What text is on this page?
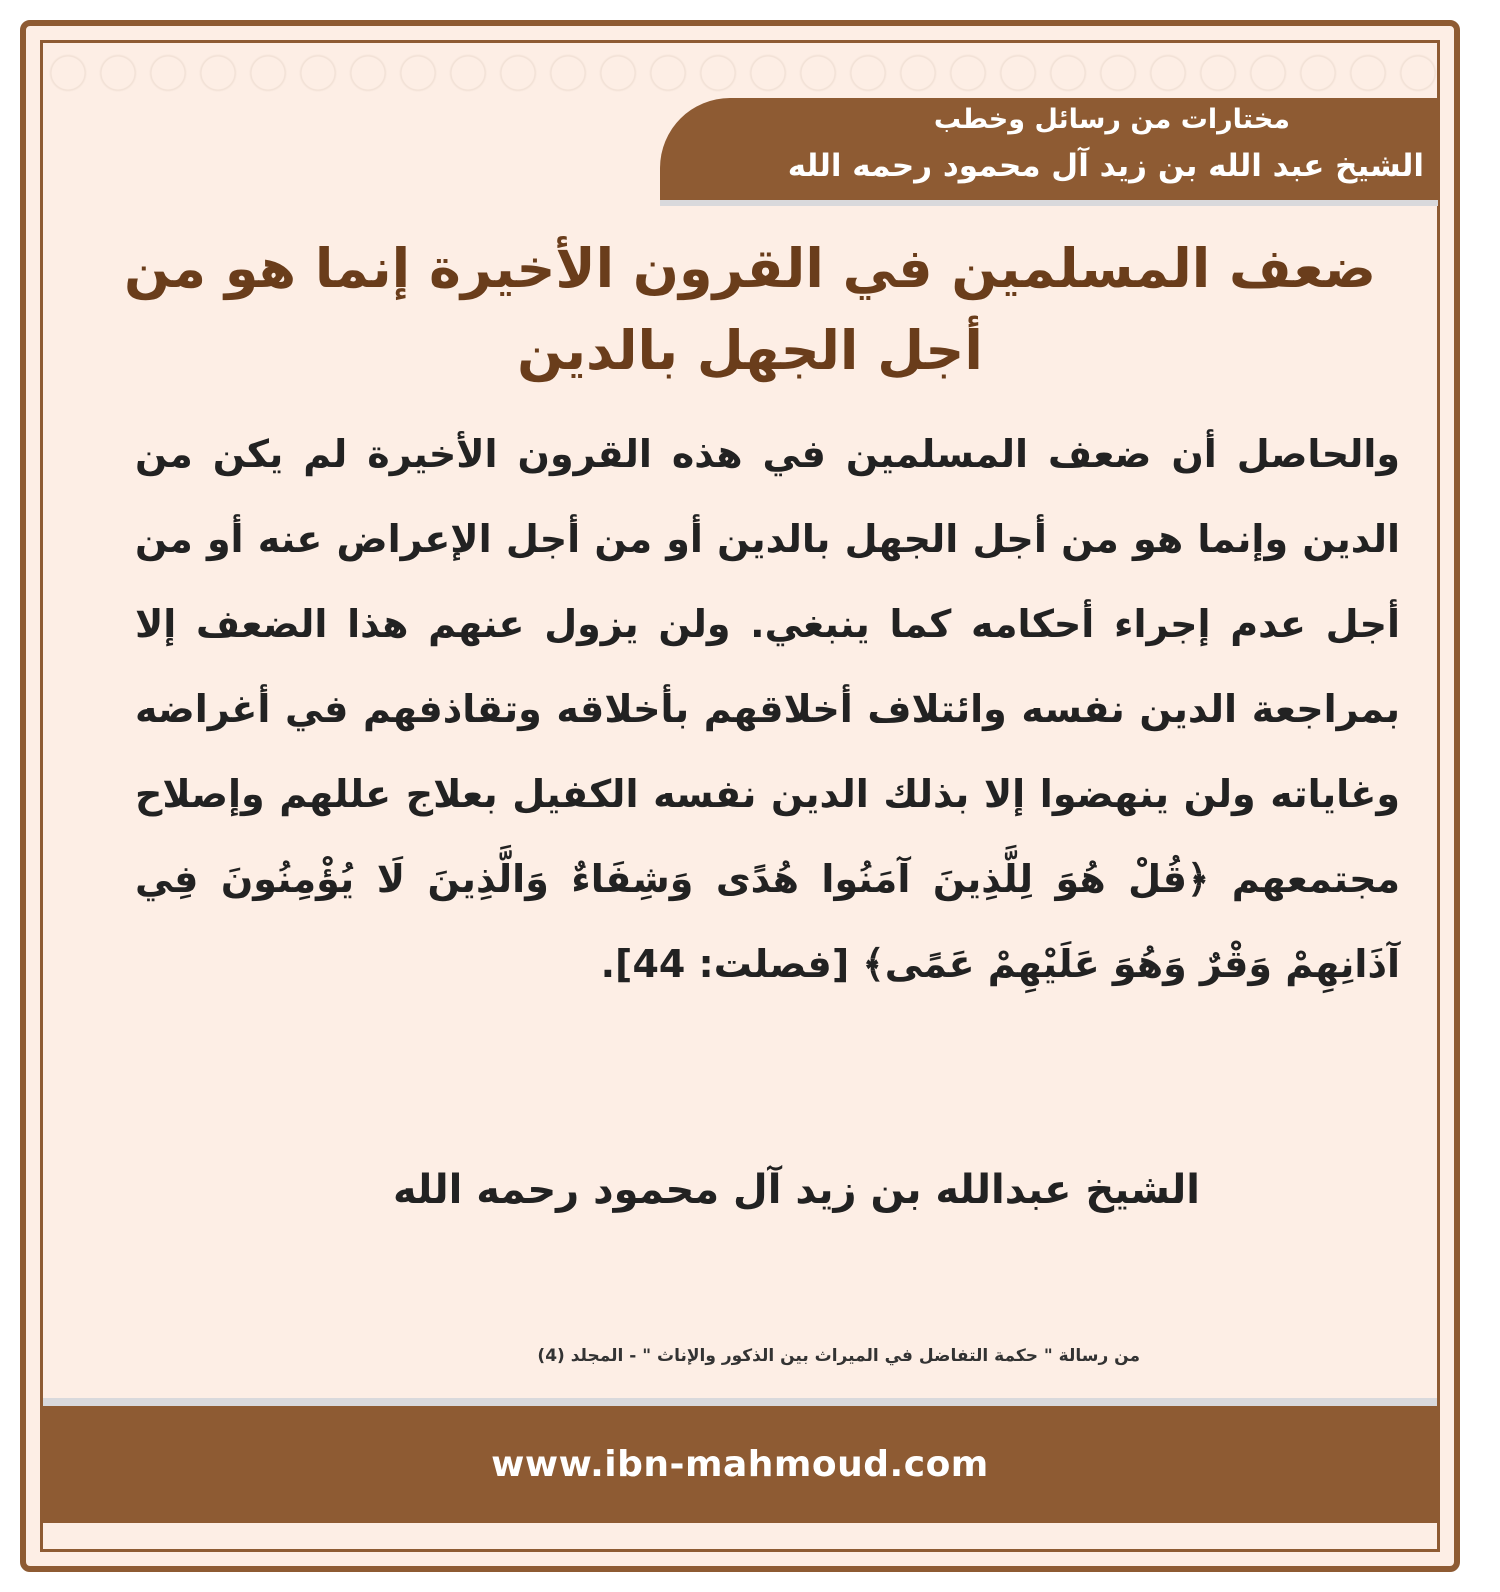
مختارات من رسائل وخطب
الشيخ عبد الله بن زيد آل محمود رحمه الله
ضعف المسلمين في القرون الأخيرة إنما هو من أجل الجهل بالدين
والحاصل أن ضعف المسلمين في هذه القرون الأخيرة لم يكن من الدين وإنما هو من أجل الجهل بالدين أو من أجل الإعراض عنه أو من أجل عدم إجراء أحكامه كما ينبغي. ولن يزول عنهم هذا الضعف إلا بمراجعة الدين نفسه وائتلاف أخلاقهم بأخلاقه وتقاذفهم في أغراضه وغاياته ولن ينهضوا إلا بذلك الدين نفسه الكفيل بعلاج عللهم وإصلاح مجتمعهم ﴿قُلْ هُوَ لِلَّذِينَ آمَنُوا هُدًى وَشِفَاءٌ وَالَّذِينَ لَا يُؤْمِنُونَ فِي آذَانِهِمْ وَقْرٌ وَهُوَ عَلَيْهِمْ عَمًى﴾ [فصلت: 44].
الشيخ عبدالله بن زيد آل محمود رحمه الله
من رسالة " حكمة التفاضل في الميراث بين الذكور والإناث " - المجلد (4)
www.ibn-mahmoud.com
